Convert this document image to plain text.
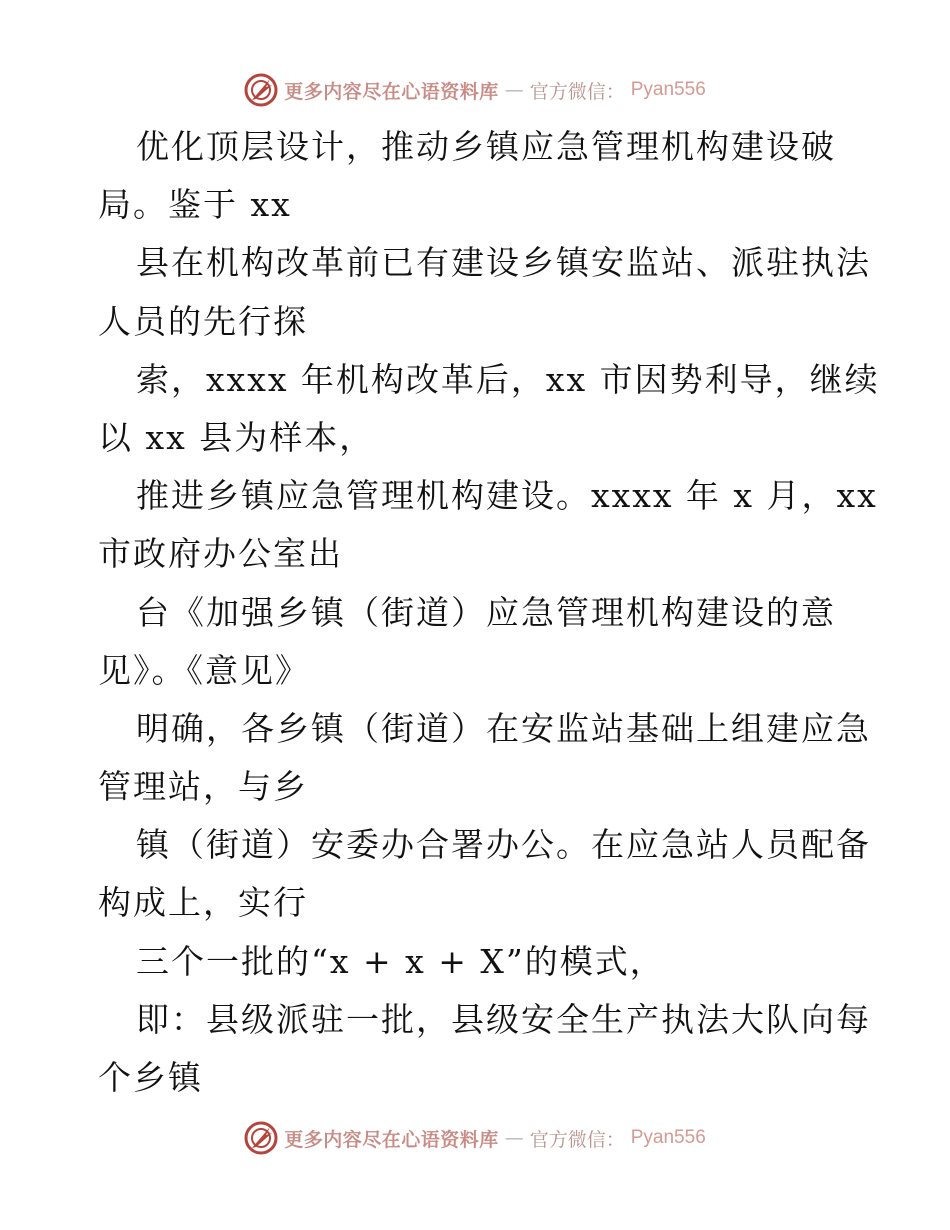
更多内容尽在心语资料库 — 官方微信： Pyan556
优化顶层设计，推动乡镇应急管理机构建设破
局。鉴于 xx
县在机构改革前已有建设乡镇安监站、派驻执法
人员的先行探
索，xxxx 年机构改革后，xx 市因势利导，继续
以 xx 县为样本，
推进乡镇应急管理机构建设。xxxx 年 x 月，xx
市政府办公室出
台《加强乡镇（街道）应急管理机构建设的意
见》。《意见》
明确，各乡镇（街道）在安监站基础上组建应急
管理站，与乡
镇（街道）安委办合署办公。在应急站人员配备
构成上，实行
三个一批的“x + x + X”的模式，
即：县级派驻一批，县级安全生产执法大队向每
个乡镇
更多内容尽在心语资料库 — 官方微信： Pyan556
